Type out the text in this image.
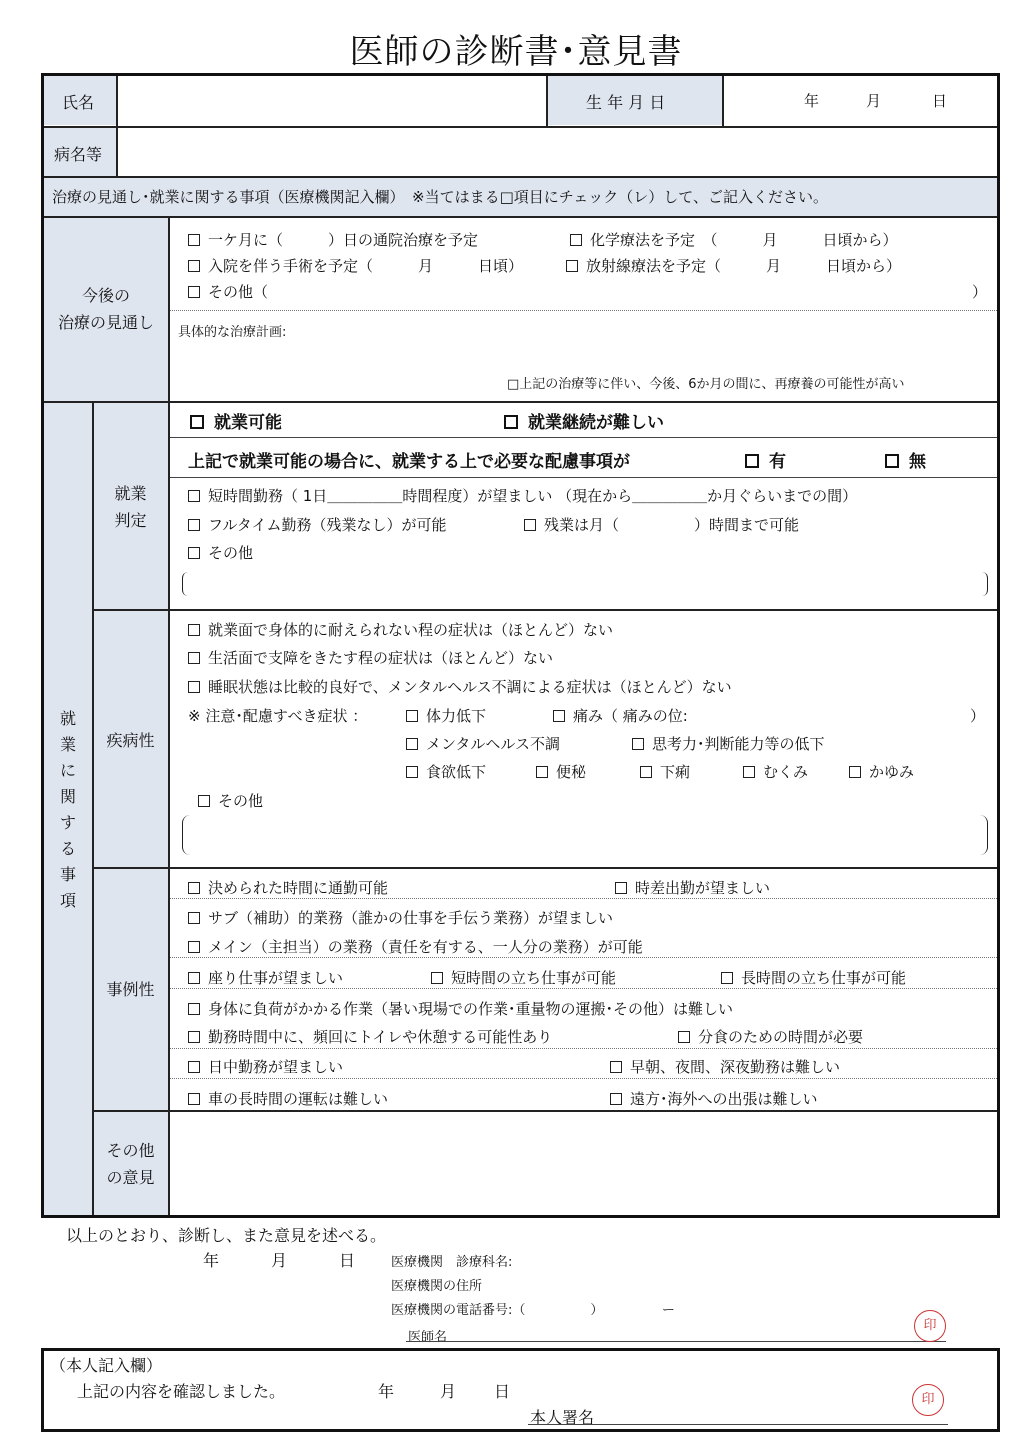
医師の診断書･意見書
氏名	生 年 月 日	年	月	日
病名等
治療の見通し･就業に関する事項（医療機関記入欄）　※当てはまる□項目にチェック（レ）して、ご記入ください。
今後の
治療の見通し
一ケ月に（　　　）日の通院治療を予定	化学療法を予定　（　　　月　　　日頃から）
入院を伴う手術を予定（　　　月　　　日頃）	放射線療法を予定（　　　月　　　日頃から）
その他（	）
具体的な治療計画:
□上記の治療等に伴い、今後、6か月の間に、再療養の可能性が高い
就業に関する事項
就業
判定
就業可能	就業継続が難しい
上記で就業可能の場合に、就業する上で必要な配慮事項が	有	無
短時間勤務（ 1日＿＿＿＿＿時間程度）が望ましい （現在から＿＿＿＿＿か月ぐらいまでの間）
フルタイム勤務（残業なし）が可能	残業は月（　　　　　）時間まで可能
その他
疾病性
就業面で身体的に耐えられない程の症状は（ほとんど）ない
生活面で支障をきたす程の症状は（ほとんど）ない
睡眠状態は比較的良好で、メンタルヘルス不調による症状は（ほとんど）ない
※ 注意･配慮すべき症状 ：	体力低下	痛み（ 痛みの位:	）
メンタルヘルス不調	思考力･判断能力等の低下
食欲低下	便秘	下痢	むくみ	かゆみ
その他
事例性
決められた時間に通勤可能	時差出勤が望ましい
サブ（補助）的業務（誰かの仕事を手伝う業務）が望ましい
メイン（主担当）の業務（責任を有する、一人分の業務）が可能
座り仕事が望ましい	短時間の立ち仕事が可能	長時間の立ち仕事が可能
身体に負荷がかかる作業（暑い現場での作業･重量物の運搬･その他）は難しい
勤務時間中に、頻回にトイレや休憩する可能性あり	分食のための時間が必要
日中勤務が望ましい	早朝、夜間、深夜勤務は難しい
車の長時間の運転は難しい	遠方･海外への出張は難しい
その他
の意見
以上のとおり、診断し、また意見を述べる。
年	月	日	医療機関　診療科名:
医療機関の住所
医療機関の電話番号:（　　　　　）　　　　　ー
医師名
印
（本人記入欄）
上記の内容を確認しました。	年	月 日
本人署名
印
